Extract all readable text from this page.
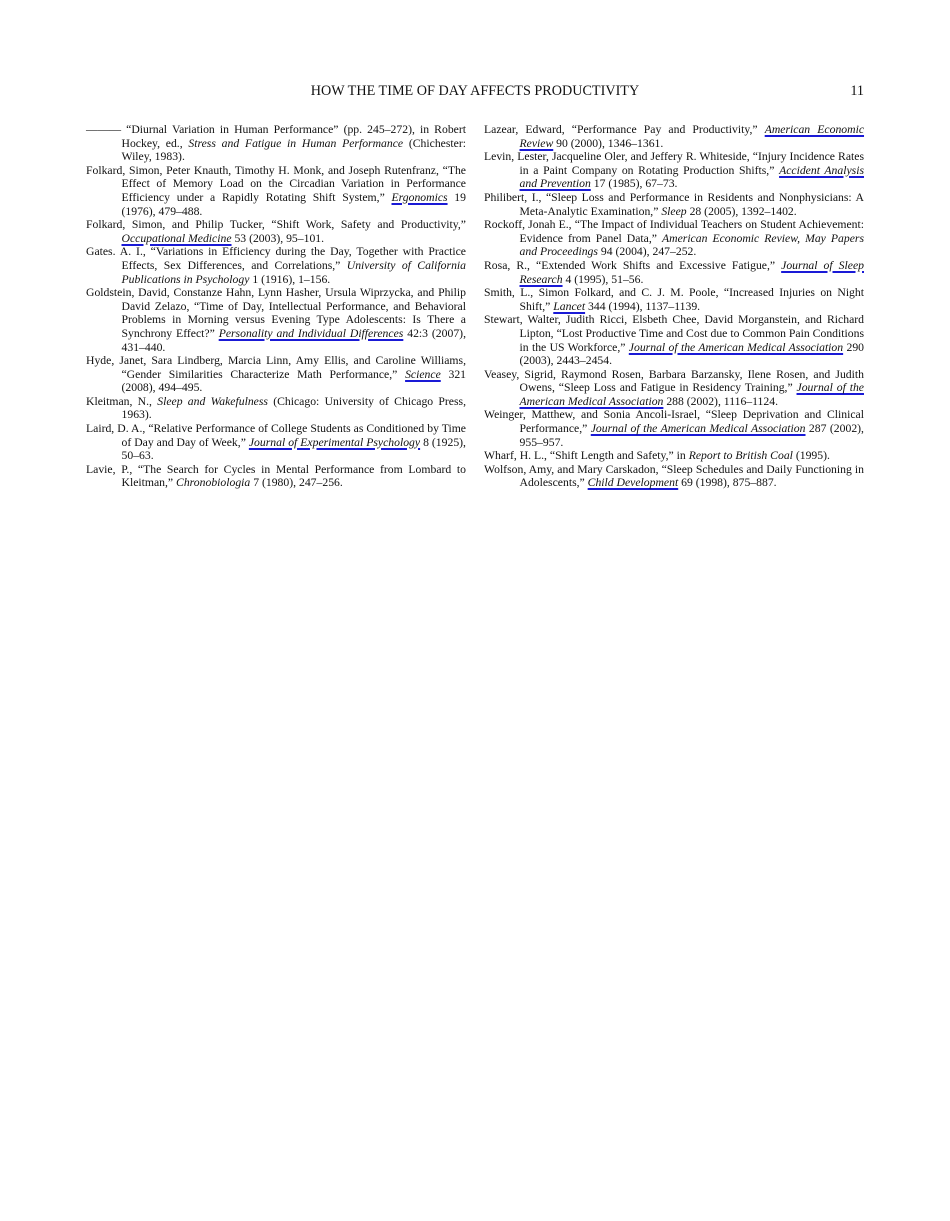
HOW THE TIME OF DAY AFFECTS PRODUCTIVITY	11

——— “Diurnal Variation in Human Performance” (pp. 245–272), in Robert Hockey, ed., Stress and Fatigue in Human Performance (Chichester: Wiley, 1983).

Folkard, Simon, Peter Knauth, Timothy H. Monk, and Joseph Rutenfranz, “The Effect of Memory Load on the Circadian Variation in Performance Efficiency under a Rapidly Rotating Shift System,” Ergonomics 19 (1976), 479–488.

Folkard, Simon, and Philip Tucker, “Shift Work, Safety and Productivity,” Occupational Medicine 53 (2003), 95–101.

Gates. A. I., “Variations in Efficiency during the Day, Together with Practice Effects, Sex Differences, and Correlations,” University of California Publications in Psychology 1 (1916), 1–156.

Goldstein, David, Constanze Hahn, Lynn Hasher, Ursula Wiprzycka, and Philip David Zelazo, “Time of Day, Intellectual Performance, and Behavioral Problems in Morning versus Evening Type Adolescents: Is There a Synchrony Effect?” Personality and Individual Differences 42:3 (2007), 431–440.

Hyde, Janet, Sara Lindberg, Marcia Linn, Amy Ellis, and Caroline Williams, “Gender Similarities Characterize Math Performance,” Science 321 (2008), 494–495.

Kleitman, N., Sleep and Wakefulness (Chicago: University of Chicago Press, 1963).

Laird, D. A., “Relative Performance of College Students as Conditioned by Time of Day and Day of Week,” Journal of Experimental Psychology 8 (1925), 50–63.

Lavie, P., “The Search for Cycles in Mental Performance from Lombard to Kleitman,” Chronobiologia 7 (1980), 247–256.

Lazear, Edward, “Performance Pay and Productivity,” American Economic Review 90 (2000), 1346–1361.

Levin, Lester, Jacqueline Oler, and Jeffery R. Whiteside, “Injury Incidence Rates in a Paint Company on Rotating Production Shifts,” Accident Analysis and Prevention 17 (1985), 67–73.

Philibert, I., “Sleep Loss and Performance in Residents and Nonphysicians: A Meta-Analytic Examination,” Sleep 28 (2005), 1392–1402.

Rockoff, Jonah E., “The Impact of Individual Teachers on Student Achievement: Evidence from Panel Data,” American Economic Review, May Papers and Proceedings 94 (2004), 247–252.

Rosa, R., “Extended Work Shifts and Excessive Fatigue,” Journal of Sleep Research 4 (1995), 51–56.

Smith, L., Simon Folkard, and C. J. M. Poole, “Increased Injuries on Night Shift,” Lancet 344 (1994), 1137–1139.

Stewart, Walter, Judith Ricci, Elsbeth Chee, David Morganstein, and Richard Lipton, “Lost Productive Time and Cost due to Common Pain Conditions in the US Workforce,” Journal of the American Medical Association 290 (2003), 2443–2454.

Veasey, Sigrid, Raymond Rosen, Barbara Barzansky, Ilene Rosen, and Judith Owens, “Sleep Loss and Fatigue in Residency Training,” Journal of the American Medical Association 288 (2002), 1116–1124.

Weinger, Matthew, and Sonia Ancoli-Israel, “Sleep Deprivation and Clinical Performance,” Journal of the American Medical Association 287 (2002), 955–957.

Wharf, H. L., “Shift Length and Safety,” in Report to British Coal (1995).

Wolfson, Amy, and Mary Carskadon, “Sleep Schedules and Daily Functioning in Adolescents,” Child Development 69 (1998), 875–887.
